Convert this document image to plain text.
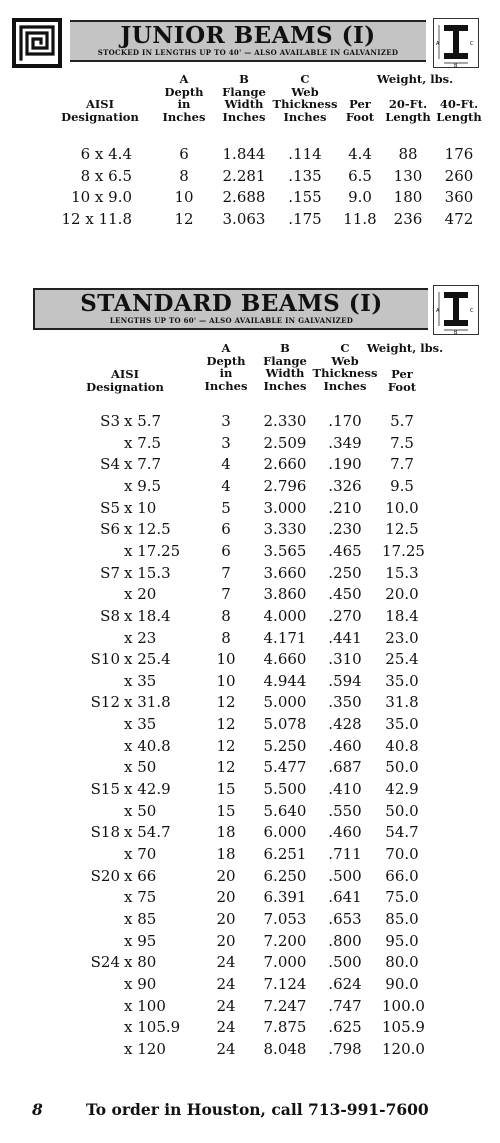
JUNIOR BEAMS (I)
STOCKED IN LENGTHS UP TO 40' — ALSO AVAILABLE IN GALVANIZED
A	C
B
Weight, lbs.
A
Depth
in
Inches
B
Flange
Width
Inches
C
Web
Thickness
Inches
AISI
Designation
Per
Foot
20-Ft.
Length
40-Ft.
Length
6 x 4.4	6	1.844	.114	4.4	88	176
8 x 6.5	8	2.281	.135	6.5	130	260
10 x 9.0	10	2.688	.155	9.0	180	360
12 x 11.8	12	3.063	.175	11.8	236	472
STANDARD BEAMS (I)
LENGTHS UP TO 60' — ALSO AVAILABLE IN GALVANIZED
A	C
B
Weight, lbs.
A
Depth
in
Inches
B
Flange
Width
Inches
C
Web
Thickness
Inches
AISI
Designation
Per
Foot
S3 x 5.7	3	2.330	.170	5.7
x 7.5	3	2.509	.349	7.5
S4 x 7.7	4	2.660	.190	7.7
x 9.5	4	2.796	.326	9.5
S5 x 10	5	3.000	.210	10.0
S6 x 12.5	6	3.330	.230	12.5
x 17.25	6	3.565	.465	17.25
S7 x 15.3	7	3.660	.250	15.3
x 20	7	3.860	.450	20.0
S8 x 18.4	8	4.000	.270	18.4
x 23	8	4.171	.441	23.0
S10 x 25.4	10	4.660	.310	25.4
x 35	10	4.944	.594	35.0
S12 x 31.8	12	5.000	.350	31.8
x 35	12	5.078	.428	35.0
x 40.8	12	5.250	.460	40.8
x 50	12	5.477	.687	50.0
S15 x 42.9	15	5.500	.410	42.9
x 50	15	5.640	.550	50.0
S18 x 54.7	18	6.000	.460	54.7
x 70	18	6.251	.711	70.0
S20 x 66	20	6.250	.500	66.0
x 75	20	6.391	.641	75.0
x 85	20	7.053	.653	85.0
x 95	20	7.200	.800	95.0
S24 x 80	24	7.000	.500	80.0
x 90	24	7.124	.624	90.0
x 100	24	7.247	.747	100.0
x 105.9	24	7.875	.625	105.9
x 120	24	8.048	.798	120.0
8	To order in Houston, call 713-991-7600
